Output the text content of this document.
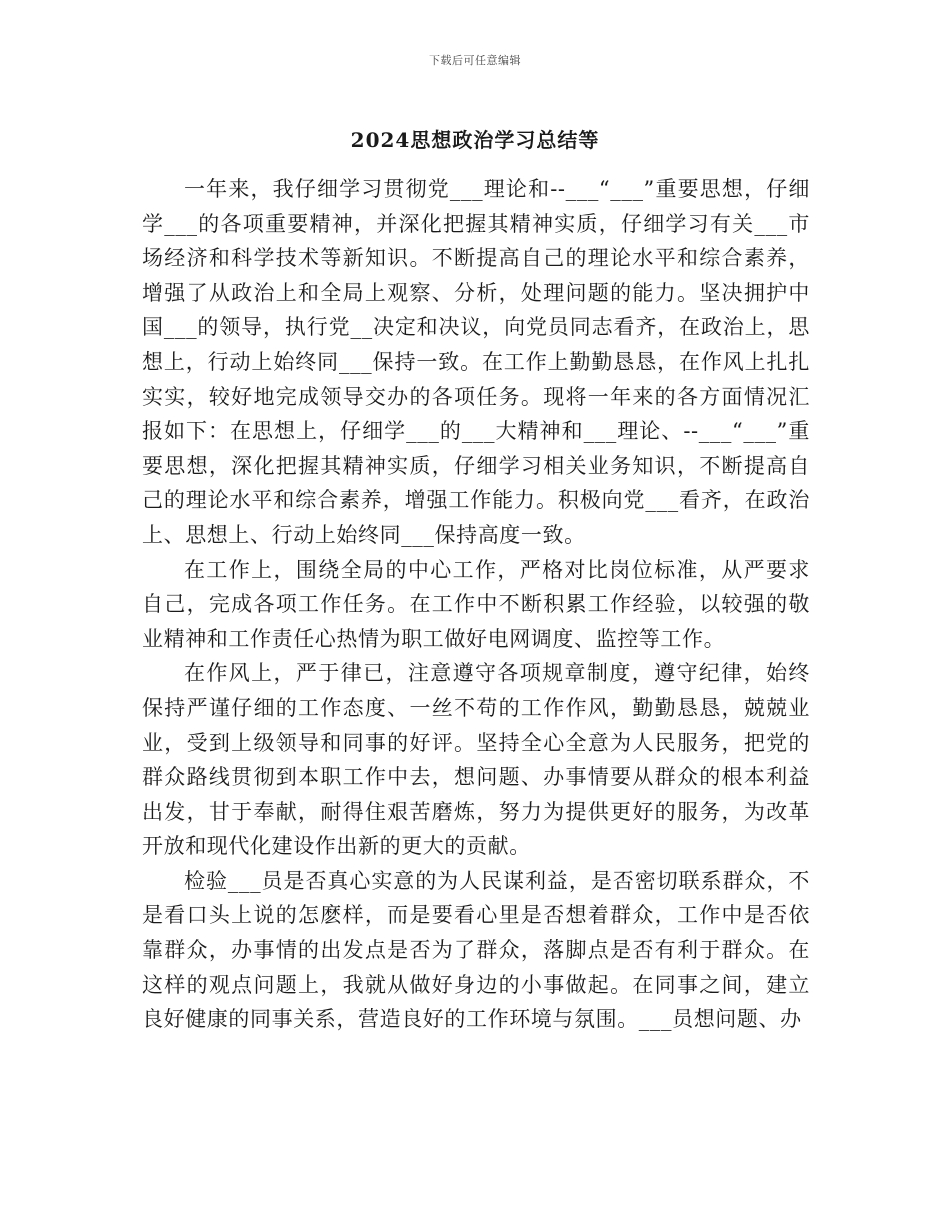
下载后可任意编辑
2024思想政治学习总结等

一年来，我仔细学习贯彻党___理论和--___“___”重要思想，仔细学___的各项重要精神，并深化把握其精神实质，仔细学习有关___市场经济和科学技术等新知识。不断提高自己的理论水平和综合素养，增强了从政治上和全局上观察、分析，处理问题的能力。坚决拥护中国___的领导，执行党__决定和决议，向党员同志看齐，在政治上，思想上，行动上始终同___保持一致。在工作上勤勤恳恳，在作风上扎扎实实，较好地完成领导交办的各项任务。现将一年来的各方面情况汇报如下：在思想上，仔细学___的___大精神和___理论、--___“___”重要思想，深化把握其精神实质，仔细学习相关业务知识，不断提高自己的理论水平和综合素养，增强工作能力。积极向党___看齐，在政治上、思想上、行动上始终同___保持高度一致。

在工作上，围绕全局的中心工作，严格对比岗位标准，从严要求自己，完成各项工作任务。在工作中不断积累工作经验，以较强的敬业精神和工作责任心热情为职工做好电网调度、监控等工作。

在作风上，严于律已，注意遵守各项规章制度，遵守纪律，始终保持严谨仔细的工作态度、一丝不苟的工作作风，勤勤恳恳，兢兢业业，受到上级领导和同事的好评。坚持全心全意为人民服务，把党的群众路线贯彻到本职工作中去，想问题、办事情要从群众的根本利益出发，甘于奉献，耐得住艰苦磨炼，努力为提供更好的服务，为改革开放和现代化建设作出新的更大的贡献。

检验___员是否真心实意的为人民谋利益，是否密切联系群众，不是看口头上说的怎麽样，而是要看心里是否想着群众，工作中是否依靠群众，办事情的出发点是否为了群众，落脚点是否有利于群众。在这样的观点问题上，我就从做好身边的小事做起。在同事之间，建立良好健康的同事关系，营造良好的工作环境与氛围。___员想问题、办
